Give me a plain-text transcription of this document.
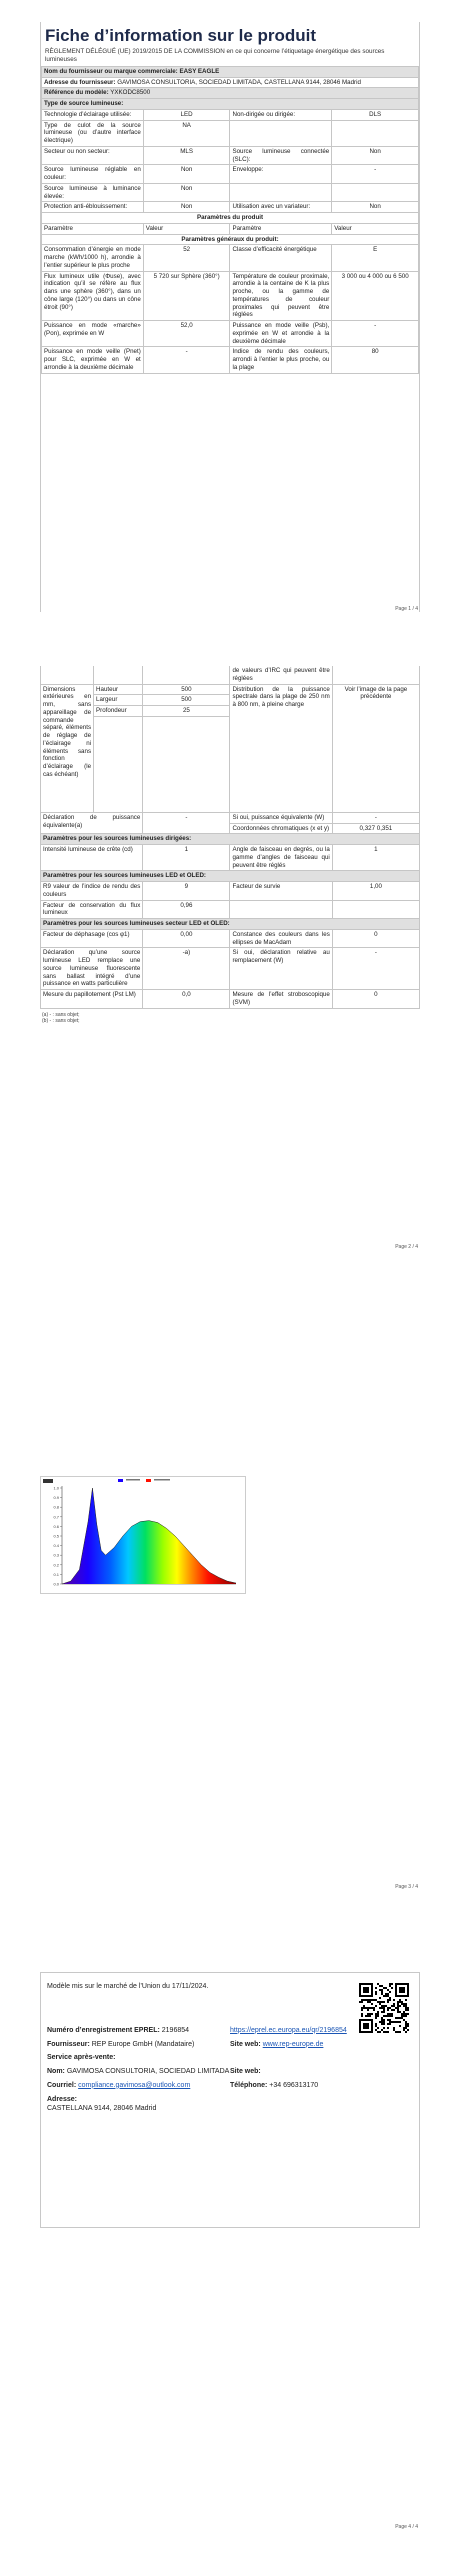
Fiche d’information sur le produit
RÈGLEMENT DÉLÉGUÉ (UE) 2019/2015 DE LA COMMISSION en ce qui concerne l’étiquetage énergétique des sources lumineuses
Nom du fournisseur ou marque commerciale: EASY EAGLE			
Adresse du fournisseur: GAVIMOSA CONSULTORIA, SOCIEDAD LIMITADA, CASTELLANA 9144, 28046 Madrid			
Référence du modèle: YXKODC8500			
Type de source lumineuse:			
Technologie d’éclairage utilisée:	LED	Non-dirigée ou dirigée:	DLS
Type de culot de la source lumineuse (ou d’autre interface électrique)	NA		
Secteur ou non secteur:	MLS	Source lumineuse connectée (SLC):	Non
Source lumineuse réglable en couleur:	Non	Enveloppe:	-
Source lumineuse à luminance élevée:	Non		
Protection anti-éblouissement:	Non	Utilisation avec un variateur:	Non
Paramètres du produit			
Paramètre	Valeur	Paramètre	Valeur
Paramètres généraux du produit:			
Consommation d’énergie en mode marche (kWh/1000 h), arrondie à l’entier supérieur le plus proche	52	Classe d’efficacité énergétique	E
Flux lumineux utile (Φuse), avec indication qu’il se réfère au flux dans une sphère (360°), dans un cône large (120°) ou dans un cône étroit (90°)	5 720 sur Sphère (360°)	Température de couleur proximale, arrondie à la centaine de K la plus proche, ou la gamme de températures de couleur proximales qui peuvent être réglées	3 000 ou 4 000 ou 6 500
Puissance en mode «marche» (Pon), exprimée en W	52,0	Puissance en mode veille (Psb), exprimée en W et arrondie à la deuxième décimale	-
Puissance en mode veille (Pnet) pour SLC, exprimée en W et arrondie à la deuxième décimale	-	Indice de rendu des couleurs, arrondi à l’entier le plus proche, ou la plage	80
Page 1 / 4
			de valeurs d’IRC qui peuvent être réglées	
Dimensions extérieures en mm, sans appareillage de commande séparé, éléments de réglage de l’éclairage ni éléments sans fonction d’éclairage (le cas échéant)	Hauteur	500	Distribution de la puissance spectrale dans la plage de 250 nm à 800 nm, à pleine charge	Voir l’image de la page précédente
	Largeur	500		
	Profondeur	25		

Déclaration de puissance équivalente(a)		-	Si oui, puissance équivalente (W)	-
			Coordonnées chromatiques (x et y)	0,327 0,351
Paramètres pour les sources lumineuses dirigées:				
Intensité lumineuse de crête (cd)		1	Angle de faisceau en degrés, ou la gamme d’angles de faisceau qui peuvent être réglés	1
Paramètres pour les sources lumineuses LED et OLED:				
R9 valeur de l’indice de rendu des couleurs		9	Facteur de survie	1,00
Facteur de conservation du flux lumineux		0,96		
Paramètres pour les sources lumineuses secteur LED et OLED:				
Facteur de déphasage (cos φ1)		0,00	Constance des couleurs dans les ellipses de MacAdam	0
Déclaration qu’une source lumineuse LED remplace une source lumineuse fluorescente sans ballast intégré d’une puissance en watts particulière		-a)	Si oui, déclaration relative au remplacement (W)	-
Mesure du papillotement (Pst LM)		0,0	Mesure de l’effet stroboscopique (SVM)	0
(a) - : sans objet;
(b) - : sans objet;
Page 2 / 4
1.0
0.9
0.8
0.7
0.6
0.5
0.4
0.3
0.2
0.1
0.0
Page 3 / 4
Modèle mis sur le marché de l’Union du 17/11/2024.
Numéro d’enregistrement EPREL: 2196854	https://eprel.ec.europa.eu/qr/2196854
Fournisseur: REP Europe GmbH (Mandataire)	Site web: www.rep-europe.de
Service après-vente:
Nom: GAVIMOSA CONSULTORIA, SOCIEDAD LIMITADA Site web:
Courriel: compliance.gavimosa@outlook.com	Téléphone: +34 696313170
Adresse:
CASTELLANA 9144, 28046 Madrid
Page 4 / 4
